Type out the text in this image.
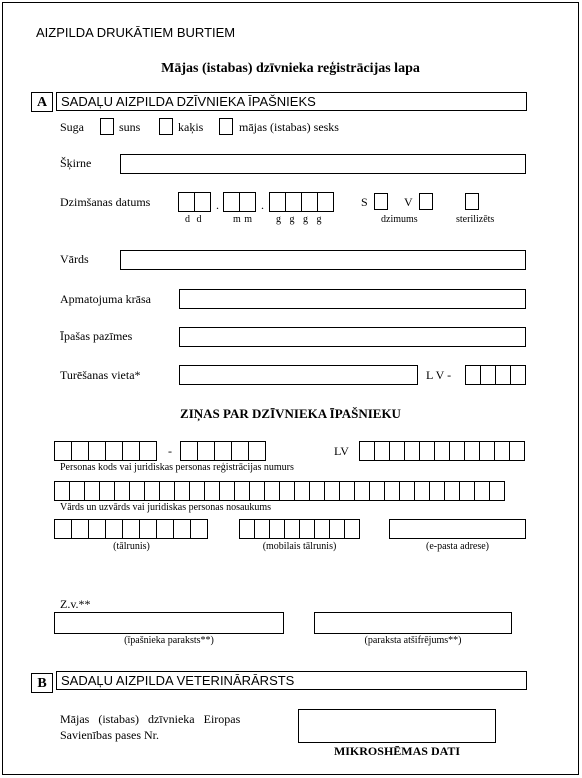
AIZPILDA DRUKĀTIEM BURTIEM
Mājas (istabas) dzīvnieka reģistrācijas lapa
A	SADAĻU AIZPILDA DZĪVNIEKA ĪPAŠNIEKS
Suga	suns	kaķis	mājas (istabas) sesks
Šķirne
Dzimšanas datums	.	.
d d	m m g g g g
S	V
dzimums	sterilizēts
Vārds
Apmatojuma krāsa
Īpašas pazīmes
Turēšanas vieta*	L V -
ZIŅAS PAR DZĪVNIEKA ĪPAŠNIEKU
-	LV
Personas kods vai juridiskas personas reģistrācijas numurs
Vārds un uzvārds vai juridiskas personas nosaukums
(tālrunis)	(mobilais tālrunis)	(e-pasta adrese)
Z.v.**
(īpašnieka paraksts**)	(paraksta atšifrējums**)
B	SADAĻU AIZPILDA VETERINĀRĀRSTS
Mājas (istabas) dzīvnieka Eiropas
Savienības pases Nr.
MIKROSHĒMAS DATI
